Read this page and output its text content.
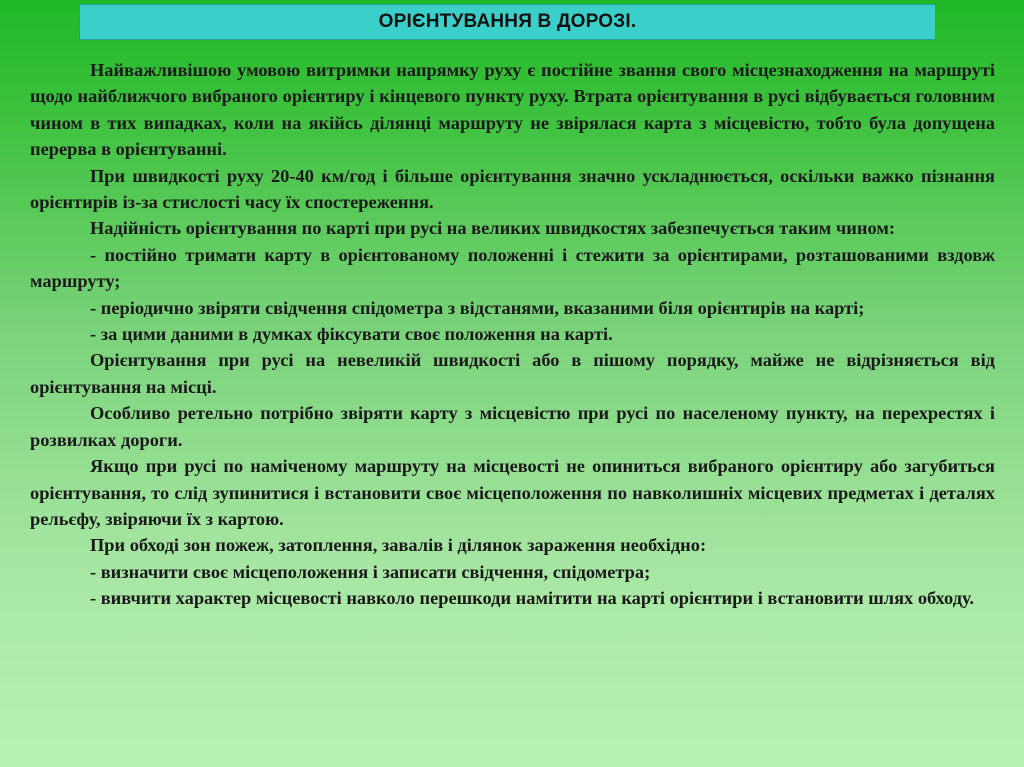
ОРІЄНТУВАННЯ В ДОРОЗІ.

Найважливішою умовою витримки напрямку руху є постійне звання свого місцезнаходження на маршруті щодо найближчого вибраного орієнтиру і кінцевого пункту руху. Втрата орієнтування в русі відбувається головним чином в тих випадках, коли на якійсь ділянці маршруту не звірялася карта з місцевістю, тобто була допущена перерва в орієнтуванні.

При швидкості руху 20-40 км/год і більше орієнтування значно ускладнюється, оскільки важко пізнання орієнтирів із-за стислості часу їх спостереження.

Надійність орієнтування по карті при русі на великих швидкостях забезпечується таким чином:

- постійно тримати карту в орієнтованому положенні і стежити за орієнтирами, розташованими вздовж маршруту;

- періодично звіряти свідчення спідометра з відстанями, вказаними біля орієнтирів на карті;

- за цими даними в думках фіксувати своє положення на карті.

Орієнтування при русі на невеликій швидкості або в пішому порядку, майже не відрізняється від орієнтування на місці.

Особливо ретельно потрібно звіряти карту з місцевістю при русі по населеному пункту, на перехрестях і розвилках дороги.

Якщо при русі по наміченому маршруту на місцевості не опиниться вибраного орієнтиру або загубиться орієнтування, то слід зупинитися і встановити своє місцеположення по навколишніх місцевих предметах і деталях рельєфу, звіряючи їх з картою.

При обході зон пожеж, затоплення, завалів і ділянок зараження необхідно:

- визначити своє місцеположення і записати свідчення, спідометра;

- вивчити характер місцевості навколо перешкоди намітити на карті орієнтири і встановити шлях обходу.
